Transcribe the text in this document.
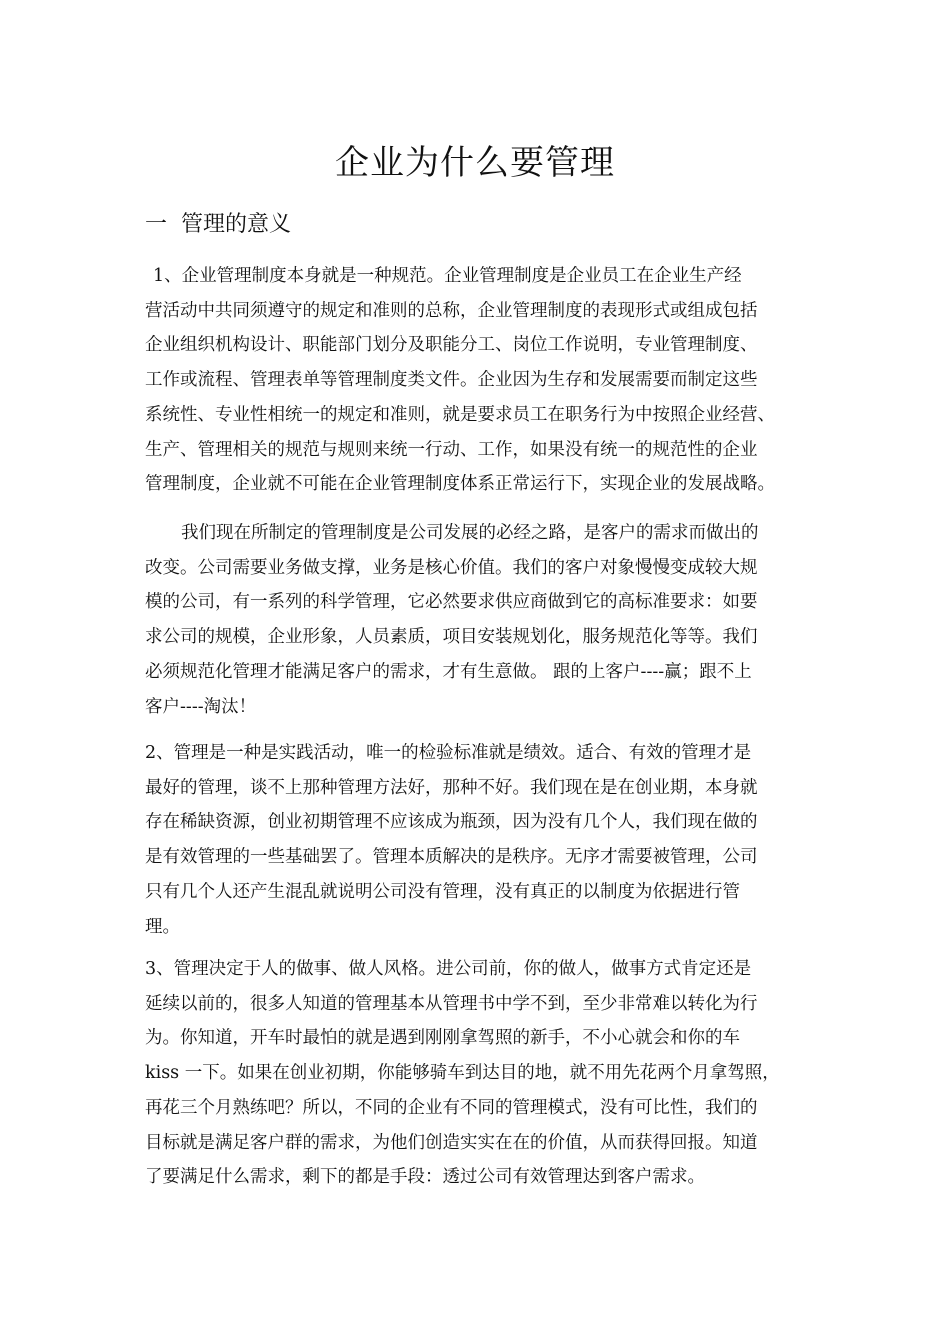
企业为什么要管理
一 管理的意义
1、企业管理制度本身就是一种规范。企业管理制度是企业员工在企业生产经
营活动中共同须遵守的规定和准则的总称，企业管理制度的表现形式或组成包括
企业组织机构设计、职能部门划分及职能分工、岗位工作说明，专业管理制度、
工作或流程、管理表单等管理制度类文件。企业因为生存和发展需要而制定这些
系统性、专业性相统一的规定和准则，就是要求员工在职务行为中按照企业经营、
生产、管理相关的规范与规则来统一行动、工作，如果没有统一的规范性的企业
管理制度，企业就不可能在企业管理制度体系正常运行下，实现企业的发展战略。
我们现在所制定的管理制度是公司发展的必经之路，是客户的需求而做出的
改变。公司需要业务做支撑，业务是核心价值。我们的客户对象慢慢变成较大规
模的公司，有一系列的科学管理，它必然要求供应商做到它的高标准要求：如要
求公司的规模，企业形象，人员素质，项目安装规划化，服务规范化等等。我们
必须规范化管理才能满足客户的需求，才有生意做。 跟的上客户----赢；跟不上
客户----淘汰！
2、管理是一种是实践活动，唯一的检验标准就是绩效。适合、有效的管理才是
最好的管理，谈不上那种管理方法好，那种不好。我们现在是在创业期，本身就
存在稀缺资源，创业初期管理不应该成为瓶颈，因为没有几个人，我们现在做的
是有效管理的一些基础罢了。管理本质解决的是秩序。无序才需要被管理，公司
只有几个人还产生混乱就说明公司没有管理，没有真正的以制度为依据进行管
理。
3、管理决定于人的做事、做人风格。进公司前，你的做人，做事方式肯定还是
延续以前的，很多人知道的管理基本从管理书中学不到，至少非常难以转化为行
为。你知道，开车时最怕的就是遇到刚刚拿驾照的新手，不小心就会和你的车
kiss 一下。如果在创业初期，你能够骑车到达目的地，就不用先花两个月拿驾照，
再花三个月熟练吧？所以，不同的企业有不同的管理模式，没有可比性，我们的
目标就是满足客户群的需求，为他们创造实实在在的价值，从而获得回报。知道
了要满足什么需求，剩下的都是手段：透过公司有效管理达到客户需求。
